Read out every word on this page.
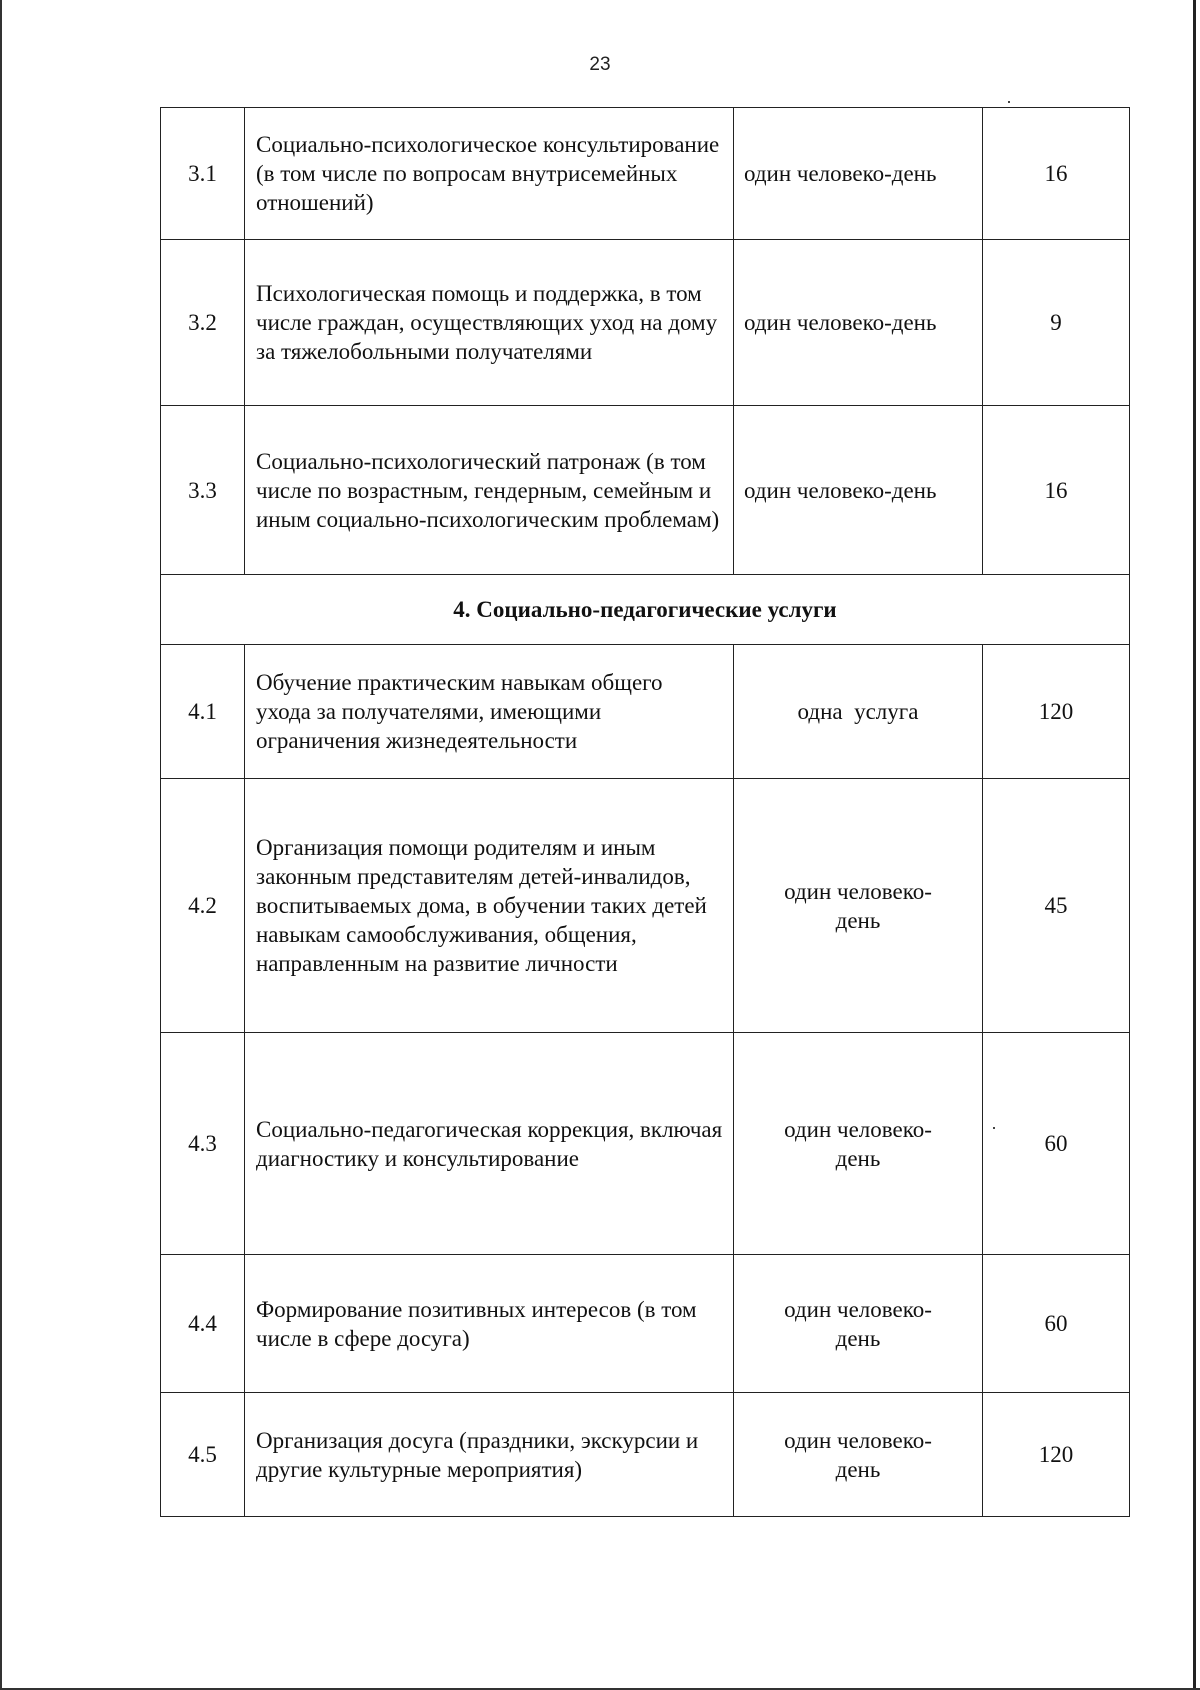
23
3.1	Социально-психологическое консультирование (в том числе по вопросам внутрисемейных отношений)	один человеко-день	16
3.2	Психологическая помощь и поддержка, в том числе граждан, осуществляющих уход на дому за тяжелобольными получателями	один человеко-день	9
3.3	Социально-психологический патронаж (в том числе по возрастным, гендерным, семейным и иным социально-психологическим проблемам)	один человеко-день	16
4. Социально-педагогические услуги			
4.1	Обучение практическим навыкам общего ухода за получателями, имеющими ограничения жизнедеятельности	одна  услуга	120
4.2	Организация помощи родителям и иным законным представителям детей-инвалидов, воспитываемых дома, в обучении таких детей навыкам самообслуживания, общения, направленным на развитие личности	один человеко-день	45
4.3	Социально-педагогическая коррекция, включая диагностику и консультирование	один человеко-день	60
4.4	Формирование позитивных интересов (в том числе в сфере досуга)	один человеко-день	60
4.5	Организация досуга (праздники, экскурсии и другие культурные мероприятия)	один человеко-день	120
